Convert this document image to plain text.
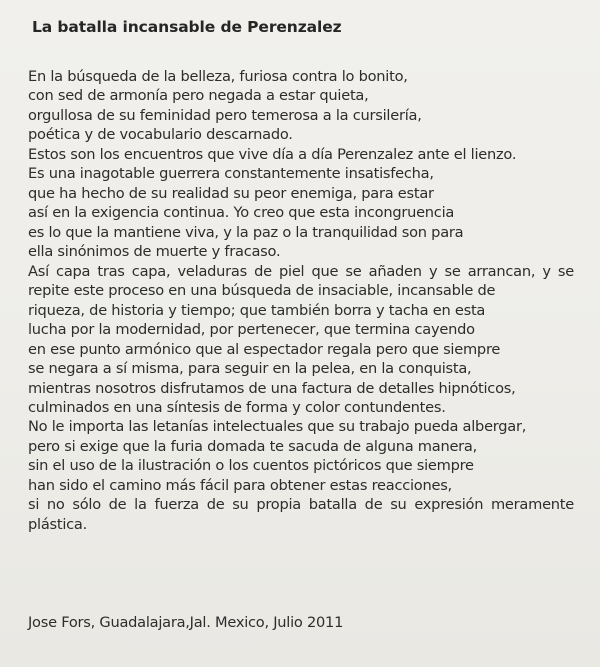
La batalla incansable de Perenzalez
En la búsqueda de la belleza, furiosa contra lo bonito,
con sed de armonía pero negada a estar quieta,
orgullosa de su feminidad pero temerosa a la cursilería,
poética y de vocabulario descarnado.
Estos son los encuentros que vive día a día Perenzalez ante el lienzo.
Es una inagotable guerrera constantemente insatisfecha,
que ha hecho de su realidad su peor enemiga, para estar
así en la exigencia continua. Yo creo que esta incongruencia
es lo que la mantiene viva, y la paz o la tranquilidad son para
ella sinónimos de muerte y fracaso.
Así capa tras capa, veladuras de piel que se añaden y se arrancan, y se
repite este proceso en una búsqueda de insaciable, incansable de
riqueza, de historia y tiempo; que también borra y tacha en esta
lucha por la modernidad, por pertenecer, que termina cayendo
en ese punto armónico que al espectador regala pero que siempre
se negara a sí misma, para seguir en la pelea, en la conquista,
mientras nosotros disfrutamos de una factura de detalles hipnóticos,
culminados en una síntesis de forma y color contundentes.
No le importa las letanías intelectuales que su trabajo pueda albergar,
pero si exige que la furia domada te sacuda de alguna manera,
sin el uso de la ilustración o los cuentos pictóricos que siempre
han sido el camino más fácil para obtener estas reacciones,
si no sólo de la fuerza de su propia batalla de su expresión meramente
plástica.

Jose Fors, Guadalajara,Jal. Mexico, Julio 2011
